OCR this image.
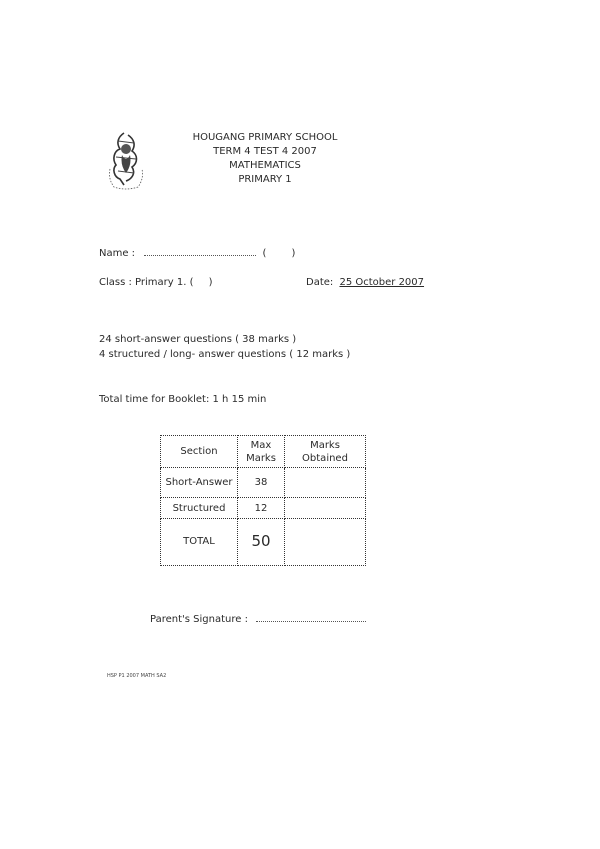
HOUGANG PRIMARY SCHOOL
TERM 4 TEST 4 2007
MATHEMATICS
PRIMARY 1
Name :	(	)
Class : Primary 1. ( )	Date: 25 October 2007
24 short-answer questions ( 38 marks )
4 structured / long- answer questions ( 12 marks )
Total time for Booklet: 1 h 15 min
Section	Max Marks	Marks Obtained
Short-Answer	38	
Structured	12	
TOTAL	50	
Parent's Signature :
HSP P1 2007 MATH SA2
